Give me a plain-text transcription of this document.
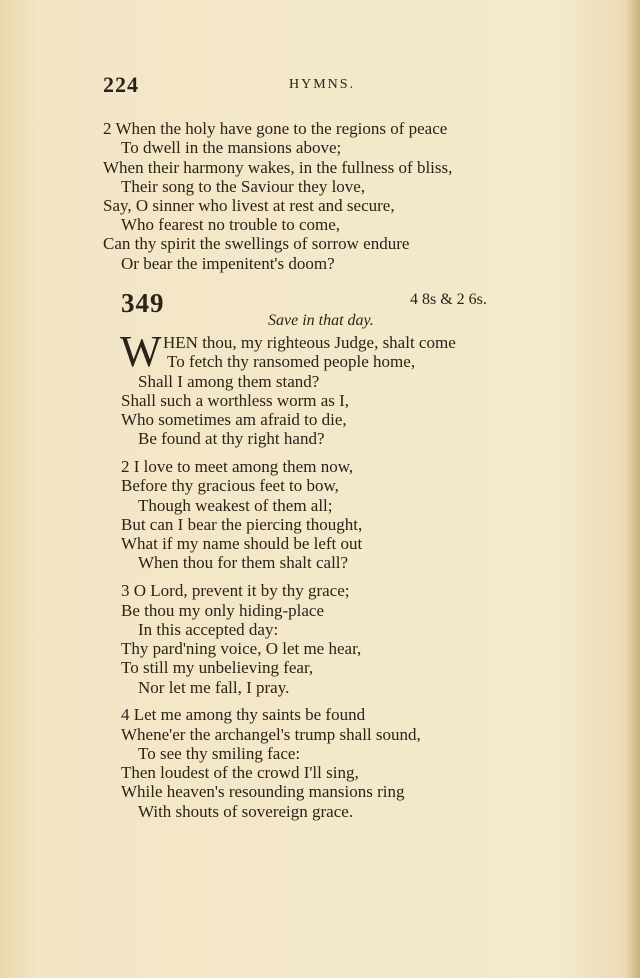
224	HYMNS.
2 When the holy have gone to the regions of peace
To dwell in the mansions above;
When their harmony wakes, in the fullness of bliss,
Their song to the Saviour they love,
Say, O sinner who livest at rest and secure,
Who fearest no trouble to come,
Can thy spirit the swellings of sorrow endure
Or bear the impenitent's doom?
349	4 8s & 2 6s.
Save in that day.
W HEN thou, my righteous Judge, shalt come
To fetch thy ransomed people home,
Shall I among them stand?
Shall such a worthless worm as I,
Who sometimes am afraid to die,
Be found at thy right hand?
2 I love to meet among them now,
Before thy gracious feet to bow,
Though weakest of them all;
But can I bear the piercing thought,
What if my name should be left out
When thou for them shalt call?
3 O Lord, prevent it by thy grace;
Be thou my only hiding-place
In this accepted day:
Thy pard'ning voice, O let me hear,
To still my unbelieving fear,
Nor let me fall, I pray.
4 Let me among thy saints be found
Whene'er the archangel's trump shall sound,
To see thy smiling face:
Then loudest of the crowd I'll sing,
While heaven's resounding mansions ring
With shouts of sovereign grace.
